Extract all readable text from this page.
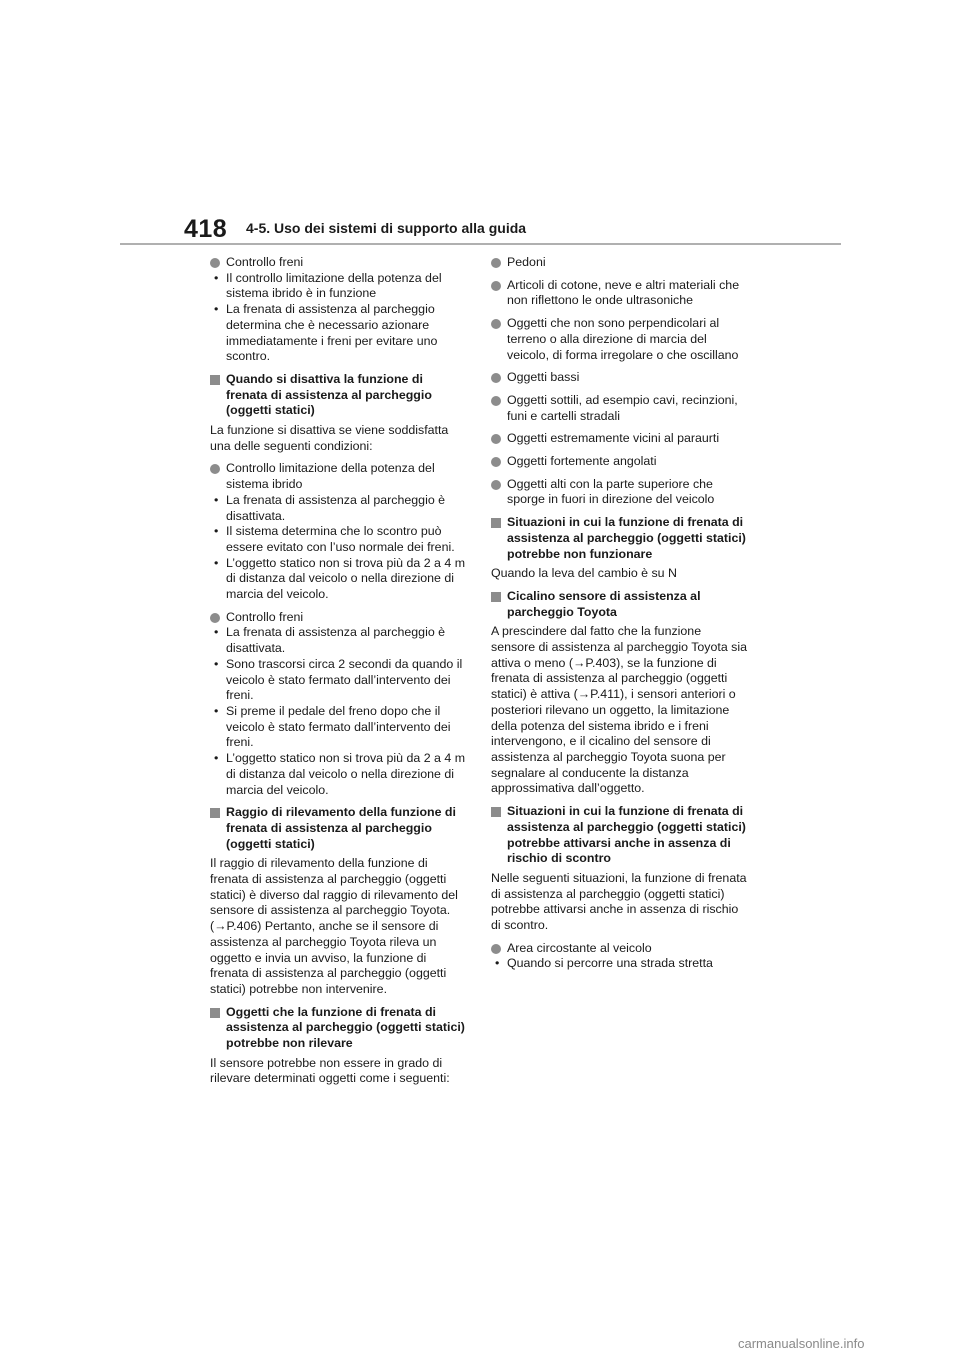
418 4-5. Uso dei sistemi di supporto alla guida
Controllo freni
• Il controllo limitazione della potenza del sistema ibrido è in funzione
• La frenata di assistenza al parcheggio determina che è necessario azionare immediatamente i freni per evitare uno scontro.
Quando si disattiva la funzione di frenata di assistenza al parcheggio (oggetti statici)
La funzione si disattiva se viene soddisfatta una delle seguenti condizioni:
Controllo limitazione della potenza del sistema ibrido
• La frenata di assistenza al parcheggio è disattivata.
• Il sistema determina che lo scontro può essere evitato con l’uso normale dei freni.
• L’oggetto statico non si trova più da 2 a 4 m di distanza dal veicolo o nella direzione di marcia del veicolo.
Controllo freni
• La frenata di assistenza al parcheggio è disattivata.
• Sono trascorsi circa 2 secondi da quando il veicolo è stato fermato dall’intervento dei freni.
• Si preme il pedale del freno dopo che il veicolo è stato fermato dall’intervento dei freni.
• L’oggetto statico non si trova più da 2 a 4 m di distanza dal veicolo o nella direzione di marcia del veicolo.
Raggio di rilevamento della funzione di frenata di assistenza al parcheggio (oggetti statici)
Il raggio di rilevamento della funzione di frenata di assistenza al parcheggio (oggetti statici) è diverso dal raggio di rilevamento del sensore di assistenza al parcheggio Toyota. (→P.406) Pertanto, anche se il sensore di assistenza al parcheggio Toyota rileva un oggetto e invia un avviso, la funzione di frenata di assistenza al parcheggio (oggetti statici) potrebbe non intervenire.
Oggetti che la funzione di frenata di assistenza al parcheggio (oggetti statici) potrebbe non rilevare
Il sensore potrebbe non essere in grado di rilevare determinati oggetti come i seguenti:
Pedoni
Articoli di cotone, neve e altri materiali che non riflettono le onde ultrasoniche
Oggetti che non sono perpendicolari al terreno o alla direzione di marcia del veicolo, di forma irregolare o che oscillano
Oggetti bassi
Oggetti sottili, ad esempio cavi, recinzioni, funi e cartelli stradali
Oggetti estremamente vicini al paraurti
Oggetti fortemente angolati
Oggetti alti con la parte superiore che sporge in fuori in direzione del veicolo
Situazioni in cui la funzione di frenata di assistenza al parcheggio (oggetti statici) potrebbe non funzionare
Quando la leva del cambio è su N
Cicalino sensore di assistenza al parcheggio Toyota
A prescindere dal fatto che la funzione sensore di assistenza al parcheggio Toyota sia attiva o meno (→P.403), se la funzione di frenata di assistenza al parcheggio (oggetti statici) è attiva (→P.411), i sensori anteriori o posteriori rilevano un oggetto, la limitazione della potenza del sistema ibrido e i freni intervengono, e il cicalino del sensore di assistenza al parcheggio Toyota suona per segnalare al conducente la distanza approssimativa dall’oggetto.
Situazioni in cui la funzione di frenata di assistenza al parcheggio (oggetti statici) potrebbe attivarsi anche in assenza di rischio di scontro
Nelle seguenti situazioni, la funzione di frenata di assistenza al parcheggio (oggetti statici) potrebbe attivarsi anche in assenza di rischio di scontro.
Area circostante al veicolo
• Quando si percorre una strada stretta
carmanualsonline.info
